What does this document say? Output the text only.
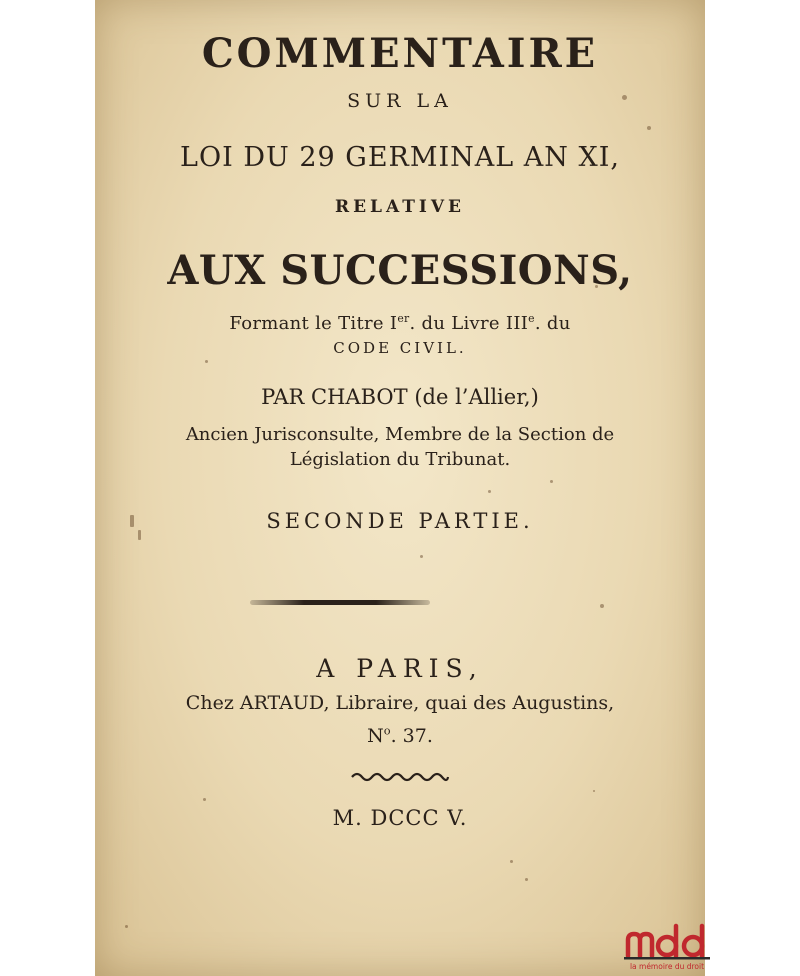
COMMENTAIRE
SUR LA
LOI DU 29 GERMINAL AN XI,
RELATIVE
AUX SUCCESSIONS,
Formant le Titre Ier. du Livre IIIe. du
CODE CIVIL.
PAR CHABOT (de l’Allier,)
Ancien Jurisconsulte, Membre de la Section de
Législation du Tribunat.
SECONDE PARTIE.
A PARIS,
Chez ARTAUD, Libraire, quai des Augustins,
$N^o$. 37.
M. DCCC V.
la mémoire du droit
